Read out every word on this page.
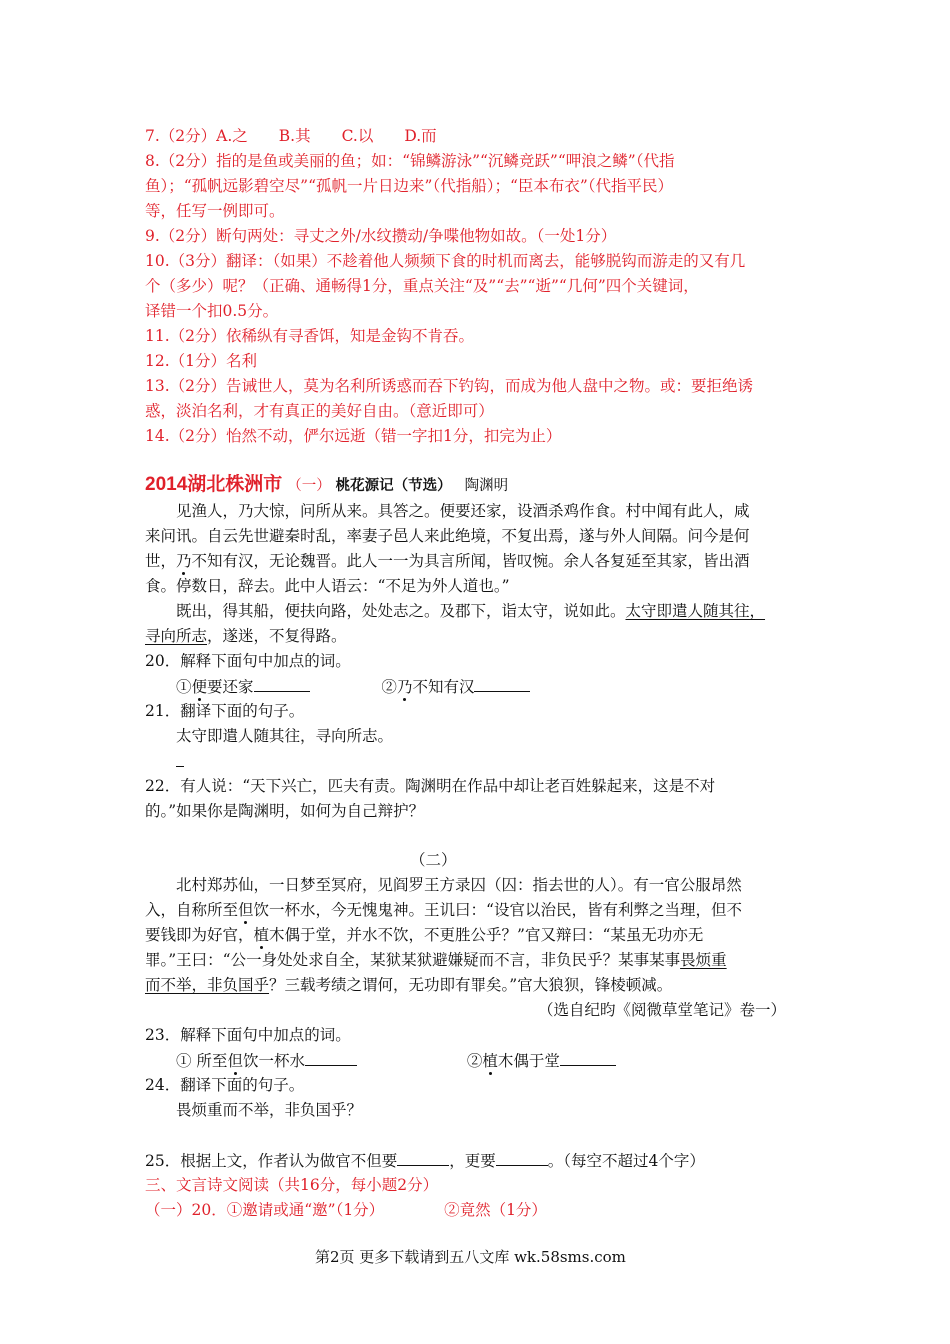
7.（2分）A.之　　B.其　　C.以　　D.而
8.（2分）指的是鱼或美丽的鱼；如：“锦鳞游泳”“沉鳞竞跃”“呷浪之鳞”（代指
鱼）；“孤帆远影碧空尽”“孤帆一片日边来”（代指船）；“臣本布衣”（代指平民）
等，任写一例即可。
9.（2分）断句两处：寻丈之外/水纹攒动/争喋他物如故。（一处1分）
10.（3分）翻译：（如果）不趁着他人频频下食的时机而离去，能够脱钩而游走的又有几
个（多少）呢？（正确、通畅得1分，重点关注“及”“去”“逝”“几何”四个关键词，
译错一个扣0.5分。
11.（2分）依稀纵有寻香饵，知是金钩不肯吞。
12.（1分）名利
13.（2分）告诫世人，莫为名利所诱惑而吞下钓钩，而成为他人盘中之物。或：要拒绝诱
惑，淡泊名利，才有真正的美好自由。（意近即可）
14.（2分）怡然不动，俨尔远逝（错一字扣1分，扣完为止）
2014湖北株洲市 （一） 桃花源记（节选） 陶渊明
见渔人，乃大惊，问所从来。具答之。便要还家，设酒杀鸡作食。村中闻有此人，咸
来问讯。自云先世避秦时乱，率妻子邑人来此绝境，不复出焉，遂与外人间隔。问今是何
世，乃不知有汉，无论魏晋。此人一一为具言所闻，皆叹惋。余人各复延至其家，皆出酒
食。停数日，辞去。此中人语云：“不足为外人道也。”
既出，得其船，便扶向路，处处志之。及郡下，诣太守，说如此。太守即遣人随其往，
寻向所志，遂迷，不复得路。
20．解释下面句中加点的词。
①便要还家	②乃不知有汉
21．翻译下面的句子。
太守即遣人随其往，寻向所志。
22．有人说：“天下兴亡，匹夫有责。陶渊明在作品中却让老百姓躲起来，这是不对
的。”如果你是陶渊明，如何为自己辩护？
（二）
北村郑苏仙，一日梦至冥府，见阎罗王方录囚（囚：指去世的人）。有一官公服昂然
入，自称所至但饮一杯水，今无愧鬼神。王讥曰：“设官以治民，皆有利弊之当理，但不
要钱即为好官，植木偶于堂，并水不饮，不更胜公乎？”官又辩曰：“某虽无功亦无
罪。”王曰：“公一身处处求自全，某狱某狱避嫌疑而不言，非负民乎？某事某事畏烦重
而不举，非负国乎？三载考绩之谓何，无功即有罪矣。”官大狼狈，锋棱顿减。
（选自纪昀《阅微草堂笔记》卷一）
23．解释下面句中加点的词。
① 所至但饮一杯水	②植木偶于堂
24．翻译下面的句子。
畏烦重而不举，非负国乎？
25．根据上文，作者认为做官不但要	，更要	。（每空不超过4个字）
三、文言诗文阅读（共16分，每小题2分）
（一）20．①邀请或通“邀”（1分）	②竟然（1分）
第2页 更多下载请到五八文库 wk.58sms.com
